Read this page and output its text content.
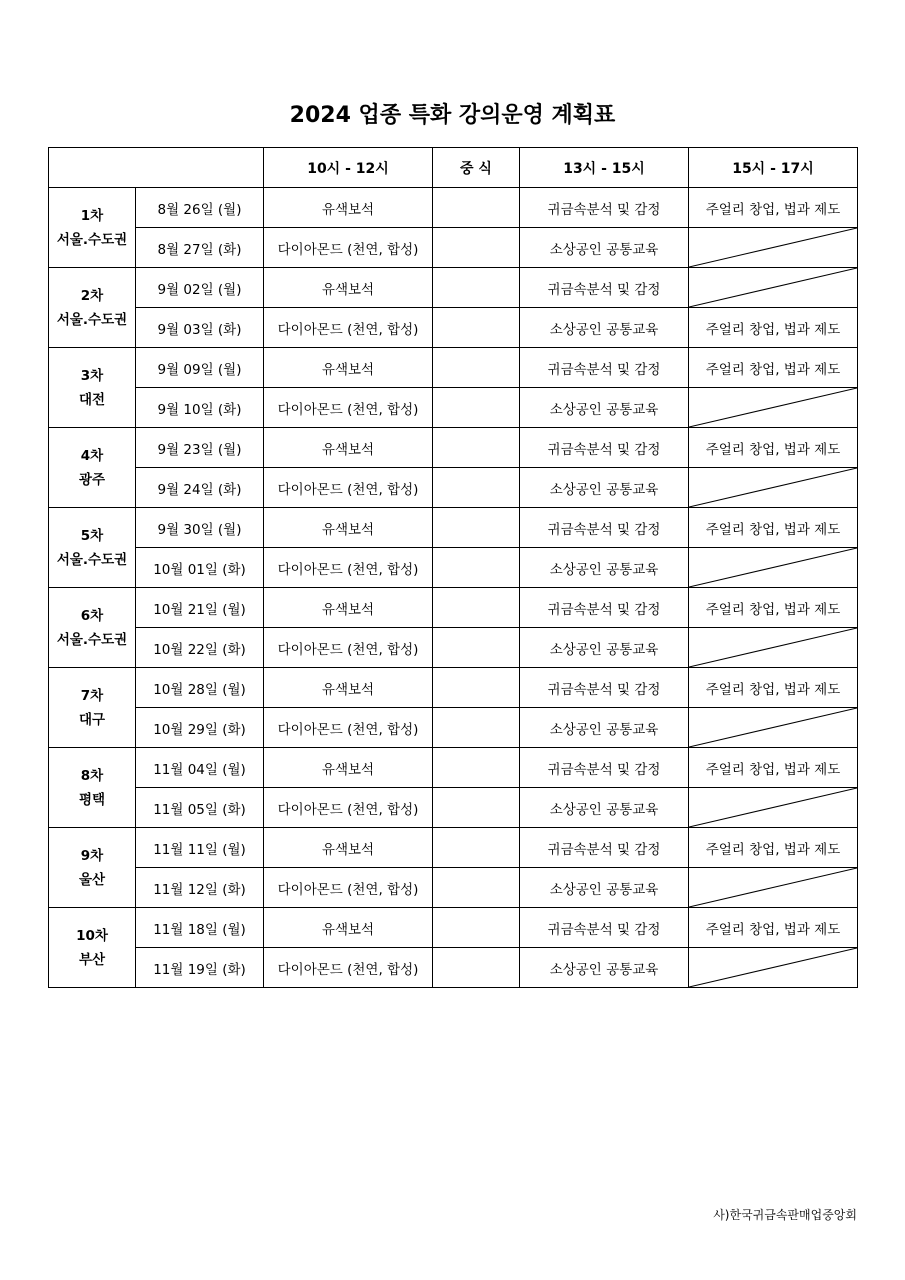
2024 업종 특화 강의운영 계획표
		10시 - 12시	중 식	13시 - 15시	15시 - 17시

1차
서울.수도권	8월 26일 (월)	유색보석		귀금속분석 및 감정	주얼리 창업, 법과 제도
	8월 27일 (화)	다이아몬드 (천연, 합성)		소상공인 공통교육	

2차
서울.수도권	9월 02일 (월)	유색보석		귀금속분석 및 감정	

	9월 03일 (화)	다이아몬드 (천연, 합성)		소상공인 공통교육	주얼리 창업, 법과 제도

3차
대전	9월 09일 (월)	유색보석		귀금속분석 및 감정	주얼리 창업, 법과 제도
	9월 10일 (화)	다이아몬드 (천연, 합성)		소상공인 공통교육	

4차
광주	9월 23일 (월)	유색보석		귀금속분석 및 감정	주얼리 창업, 법과 제도
	9월 24일 (화)	다이아몬드 (천연, 합성)		소상공인 공통교육	

5차
서울.수도권	9월 30일 (월)	유색보석		귀금속분석 및 감정	주얼리 창업, 법과 제도
	10월 01일 (화)	다이아몬드 (천연, 합성)		소상공인 공통교육	

6차
서울.수도권	10월 21일 (월)	유색보석		귀금속분석 및 감정	주얼리 창업, 법과 제도
	10월 22일 (화)	다이아몬드 (천연, 합성)		소상공인 공통교육	

7차
대구	10월 28일 (월)	유색보석		귀금속분석 및 감정	주얼리 창업, 법과 제도
	10월 29일 (화)	다이아몬드 (천연, 합성)		소상공인 공통교육	

8차
평택	11월 04일 (월)	유색보석		귀금속분석 및 감정	주얼리 창업, 법과 제도
	11월 05일 (화)	다이아몬드 (천연, 합성)		소상공인 공통교육	

9차
울산	11월 11일 (월)	유색보석		귀금속분석 및 감정	주얼리 창업, 법과 제도
	11월 12일 (화)	다이아몬드 (천연, 합성)		소상공인 공통교육	

10차
부산	11월 18일 (월)	유색보석		귀금속분석 및 감정	주얼리 창업, 법과 제도
	11월 19일 (화)	다이아몬드 (천연, 합성)		소상공인 공통교육	
사)한국귀금속판매업중앙회
